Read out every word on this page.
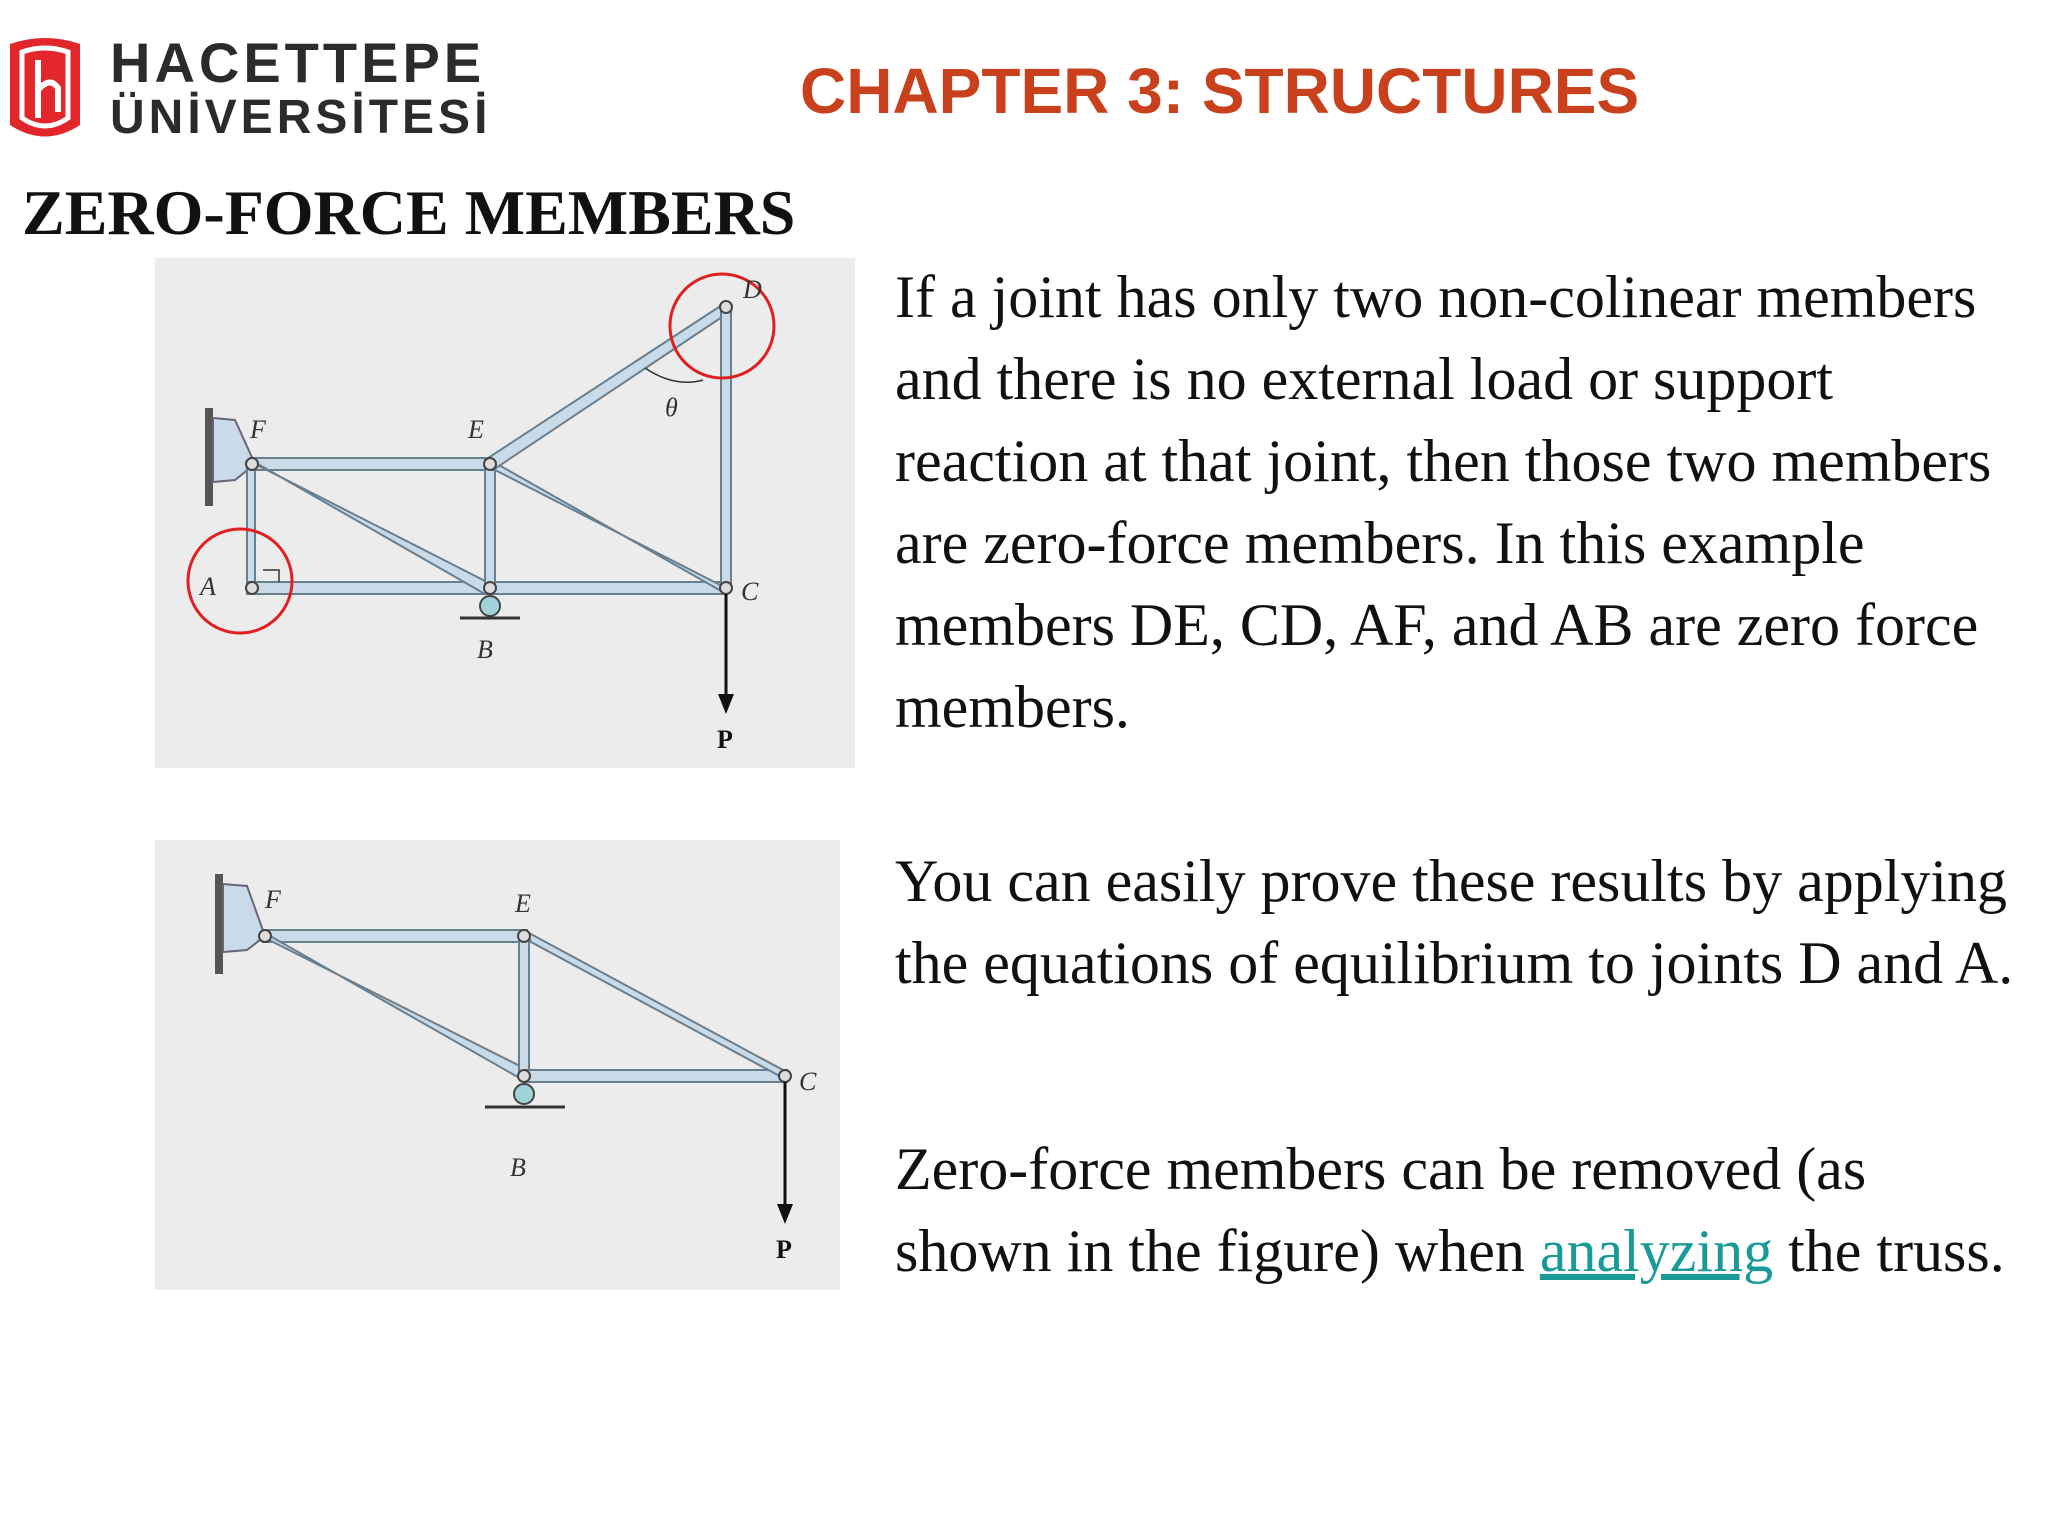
HACETTEPE
ÜNİVERSİTESİ	CHAPTER 3: STRUCTURES
ZERO-FORCE MEMBERS
F	E
D
A
B
C
P
θ
F	E
B
C
P
If a joint has only two non-colinear members and there is no external load or support reaction at that joint, then those two members are zero-force members. In this example members DE, CD, AF, and AB are zero force members.
You can easily prove these results by applying the equations of equilibrium to joints D and A.
Zero-force members can be removed (as shown in the figure) when analyzing the truss.
